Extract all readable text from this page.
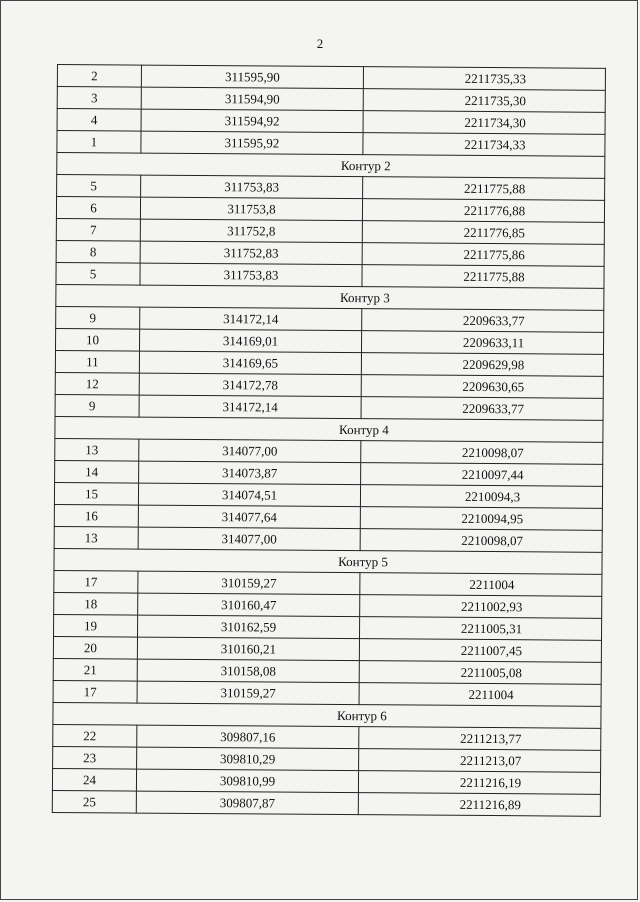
2
2	311595,90	2211735,33
3	311594,90	2211735,30
4	311594,92	2211734,30
1	311595,92	2211734,33
Контур 2		
5	311753,83	2211775,88
6	311753,8	2211776,88
7	311752,8	2211776,85
8	311752,83	2211775,86
5	311753,83	2211775,88
Контур 3		
9	314172,14	2209633,77
10	314169,01	2209633,11
11	314169,65	2209629,98
12	314172,78	2209630,65
9	314172,14	2209633,77
Контур 4		
13	314077,00	2210098,07
14	314073,87	2210097,44
15	314074,51	2210094,3
16	314077,64	2210094,95
13	314077,00	2210098,07
Контур 5		
17	310159,27	2211004
18	310160,47	2211002,93
19	310162,59	2211005,31
20	310160,21	2211007,45
21	310158,08	2211005,08
17	310159,27	2211004
Контур 6		
22	309807,16	2211213,77
23	309810,29	2211213,07
24	309810,99	2211216,19
25	309807,87	2211216,89
